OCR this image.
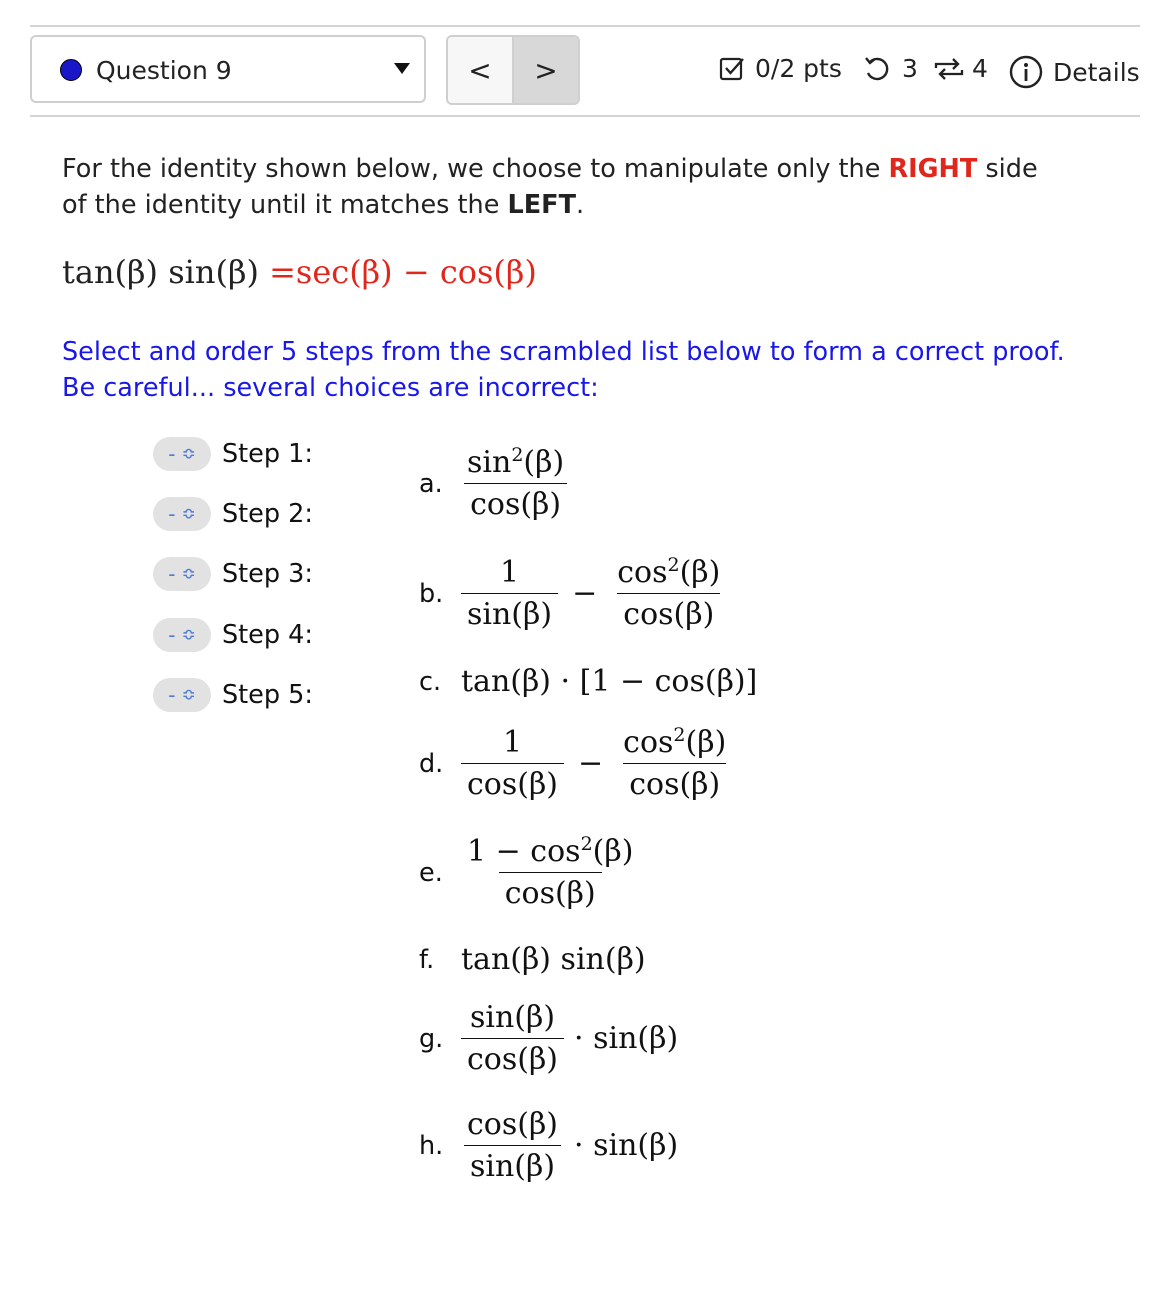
Question 9	<	>	0/2 pts 3 4	Details
For the identity shown below, we choose to manipulate only the RIGHT side of the identity until it matches the LEFT.
tan(β) sin(β) =sec(β) − cos(β)
Select and order 5 steps from the scrambled list below to form a correct proof.
Be careful... several choices are incorrect:
- ≎ Step 1:
- ≎ Step 2:
- ≎ Step 3:
- ≎ Step 4:
- ≎ Step 5:
a. $\frac{\sin^2(\beta)}{\cos(\beta)}$
b. $\frac{1}{\sin(\beta)} - \frac{\cos^2(\beta)}{\cos(\beta)}$
c. tan(β) · [1 − cos(β)]
d. $\frac{1}{\cos(\beta)} - \frac{\cos^2(\beta)}{\cos(\beta)}$
e. $\frac{1 - \cos^2(\beta)}{\cos(\beta)}$
f. tan(β) sin(β)
g. $\frac{\sin(\beta)}{\cos(\beta)} \cdot \sin(\beta)$
h. $\frac{\cos(\beta)}{\sin(\beta)} \cdot \sin(\beta)$
